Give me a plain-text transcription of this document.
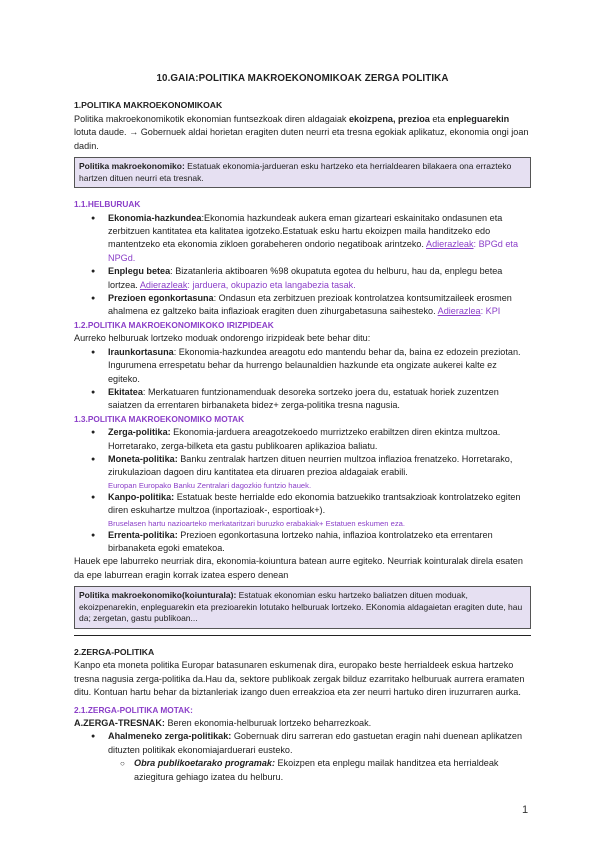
10.GAIA:POLITIKA MAKROEKONOMIKOAK ZERGA POLITIKA
1.POLITIKA MAKROEKONOMIKOAK

Politika makroekonomikotik ekonomian funtsezkoak diren aldagaiak ekoizpena, prezioa eta enpleguarekin lotuta daude. → Gobernuek aldai horietan eragiten duten neurri eta tresna egokiak aplikatuz, ekonomia ongi joan dadin.

Politika makroekonomiko: Estatuak ekonomia-jardueran esku hartzeko eta herrialdearen bilakaera ona errazteko hartzen dituen neurri eta tresnak.
1.1.HELBURUAK
● Ekonomia-hazkundea:Ekonomia hazkundeak aukera eman gizarteari eskainitako ondasunen eta zerbitzuen kantitatea eta kalitatea igotzeko.Estatuak esku hartu ekoizpen maila handitzeko edo mantentzeko eta ekonomia zikloen gorabeheren ondorio negatiboak arintzeko. Adierazleak: BPGd eta NPGd.
● Enplegu betea: Bizatanleria aktiboaren %98 okupatuta egotea du helburu, hau da, enplegu betea lortzea. Adierazleak: jarduera, okupazio eta langabezia tasak.
● Prezioen egonkortasuna: Ondasun eta zerbitzuen prezioak kontrolatzea kontsumitzaileek erosmen ahalmena ez galtzeko baita inflazioak eragiten duen zihurgabetasuna saihesteko. Adierazlea: KPI
1.2.POLITIKA MAKROEKONOMIKOKO IRIZPIDEAK

Aurreko helburuak lortzeko moduak ondorengo irizpideak bete behar ditu:

● Iraunkortasuna: Ekonomia-hazkundea areagotu edo mantendu behar da, baina ez edozein preziotan. Ingurumena errespetatu behar da hurrengo belaunaldien hazkunde eta ongizate aukerei kalte ez egiteko.
● Ekitatea: Merkatuaren funtzionamenduak desoreka sortzeko joera du, estatuak horiek zuzentzen saiatzen da errentaren birbanaketa bidez+ zerga-politika tresna nagusia.
1.3.POLITIKA MAKROEKONOMIKO MOTAK
● Zerga-politika: Ekonomia-jarduera areagotzekoedo murriztzeko erabiltzen diren ekintza multzoa. Horretarako, zerga-bilketa eta gastu publikoaren aplikazioa baliatu.
● Moneta-politika: Banku zentralak hartzen dituen neurrien multzoa inflazioa frenatzeko. Horretarako, zirukulazioan dagoen diru kantitatea eta diruaren prezioa aldagaiak erabili.
Europan Europako Banku Zentralari dagozkio funtzio hauek.
● Kanpo-politika: Estatuak beste herrialde edo ekonomia batzuekiko trantsakzioak kontrolatzeko egiten diren eskuhartze multzoa (inportazioak-, esportioak+).
Bruselasen hartu nazioarteko merkataritzari buruzko erabakiak+ Estatuen eskumen eza.
● Errenta-politika: Prezioen egonkortasuna lortzeko nahia, inflazioa kontrolatzeko eta errentaren birbanaketa egoki ematekoa.

Hauek epe laburreko neurriak dira, ekonomia-koiuntura batean aurre egiteko. Neurriak kointuralak direla esaten da epe laburrean eragin korrak izatea espero denean

Politika makroekonomiko(koiunturala): Estatuak ekonomian esku hartzeko baliatzen dituen moduak, ekoizpenarekin, enpleguarekin eta prezioarekin lotutako helburuak lortzeko. EKonomia aldagaietan eragiten dute, hau da; zergetan, gastu publikoan...
2.ZERGA-POLITIKA

Kanpo eta moneta politika Europar batasunaren eskumenak dira, europako beste herrialdeek eskua hartzeko tresna nagusia zerga-politika da.Hau da, sektore publikoak zergak bilduz ezarritako helburuak aurrera eramaten ditu. Kontuan hartu behar da biztanleriak izango duen erreakzioa eta zer neurri hartuko diren iruzurraren aurka.

2.1.ZERGA-POLITIKA MOTAK:

A.ZERGA-TRESNAK: Beren ekonomia-helburuak lortzeko beharrezkoak.

● Ahalmeneko zerga-politikak: Gobernuak diru sarreran edo gastuetan eragin nahi duenean aplikatzen dituzten politikak ekonomiajarduerari eusteko.
○ Obra publikoetarako programak: Ekoizpen eta enplegu mailak handitzea eta herrialdeak aziegitura gehiago izatea du helburu.
1
